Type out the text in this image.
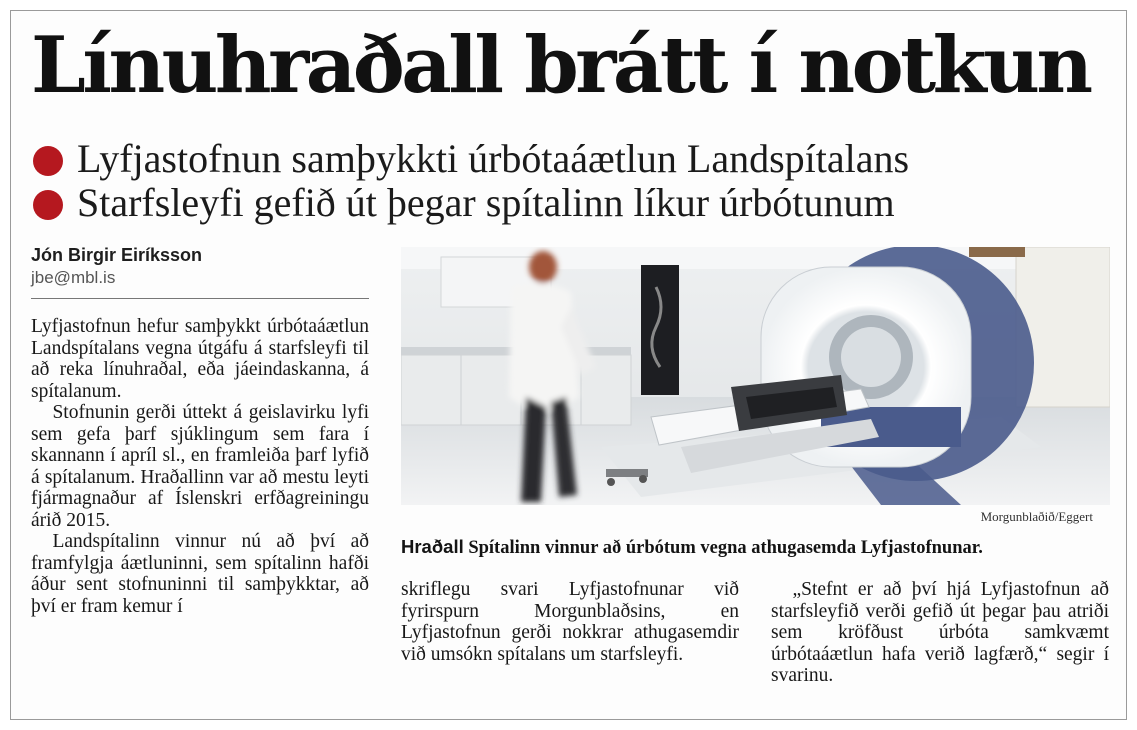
Línuhraðall brátt í notkun
Lyfjastofnun samþykkti úrbótaáætlun Landspítalans
Starfsleyfi gefið út þegar spítalinn líkur úrbótunum
Jón Birgir Eiríksson
jbe@mbl.is

Lyfjastofnun hefur samþykkt úrbótaáætlun Landspítalans vegna útgáfu á starfsleyfi til að reka línuhraðal, eða jáeindaskanna, á spítalanum.

Stofnunin gerði úttekt á geislavirku lyfi sem gefa þarf sjúklingum sem fara í skannann í apríl sl., en framleiða þarf lyfið á spítalanum. Hraðallinn var að mestu leyti fjármagnaður af Íslenskri erfðagreiningu árið 2015.

Landspítalinn vinnur nú að því að framfylgja áætluninni, sem spítalinn hafði áður sent stofnuninni til samþykktar, að því er fram kemur í

Morgunblaðið/Eggert
Hraðall Spítalinn vinnur að úrbótum vegna athugasemda Lyfjastofnunar.

skriflegu svari Lyfjastofnunar við fyrirspurn Morgunblaðsins, en Lyfjastofnun gerði nokkrar athugasemdir við umsókn spítalans um starfsleyfi.

„Stefnt er að því hjá Lyfjastofnun að starfsleyfið verði gefið út þegar þau atriði sem kröfðust úrbóta samkvæmt úrbótaáætlun hafa verið lagfærð,“ segir í svarinu.
